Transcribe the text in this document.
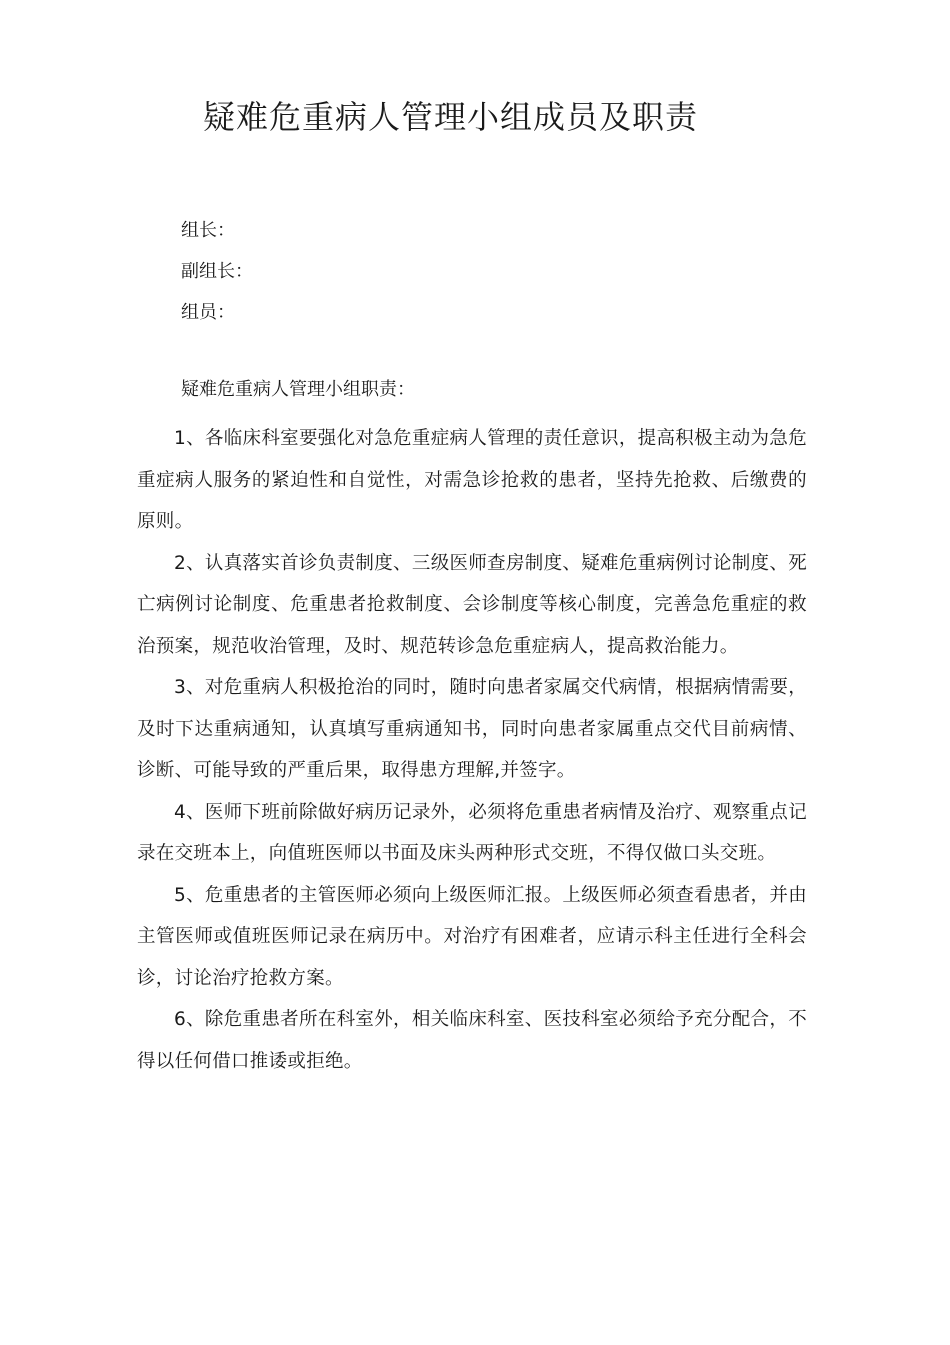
疑难危重病人管理小组成员及职责
组长：
副组长：
组员：
疑难危重病人管理小组职责：

1、各临床科室要强化对急危重症病人管理的责任意识，提高积极主动为急危重症病人服务的紧迫性和自觉性，对需急诊抢救的患者，坚持先抢救、后缴费的原则。

2、认真落实首诊负责制度、三级医师查房制度、疑难危重病例讨论制度、死亡病例讨论制度、危重患者抢救制度、会诊制度等核心制度，完善急危重症的救治预案，规范收治管理，及时、规范转诊急危重症病人，提高救治能力。

3、对危重病人积极抢治的同时，随时向患者家属交代病情，根据病情需要，及时下达重病通知，认真填写重病通知书，同时向患者家属重点交代目前病情、诊断、可能导致的严重后果，取得患方理解,并签字。

4、医师下班前除做好病历记录外，必须将危重患者病情及治疗、观察重点记录在交班本上，向值班医师以书面及床头两种形式交班，不得仅做口头交班。

5、危重患者的主管医师必须向上级医师汇报。上级医师必须查看患者，并由主管医师或值班医师记录在病历中。对治疗有困难者，应请示科主任进行全科会诊，讨论治疗抢救方案。

6、除危重患者所在科室外，相关临床科室、医技科室必须给予充分配合，不得以任何借口推诿或拒绝。
